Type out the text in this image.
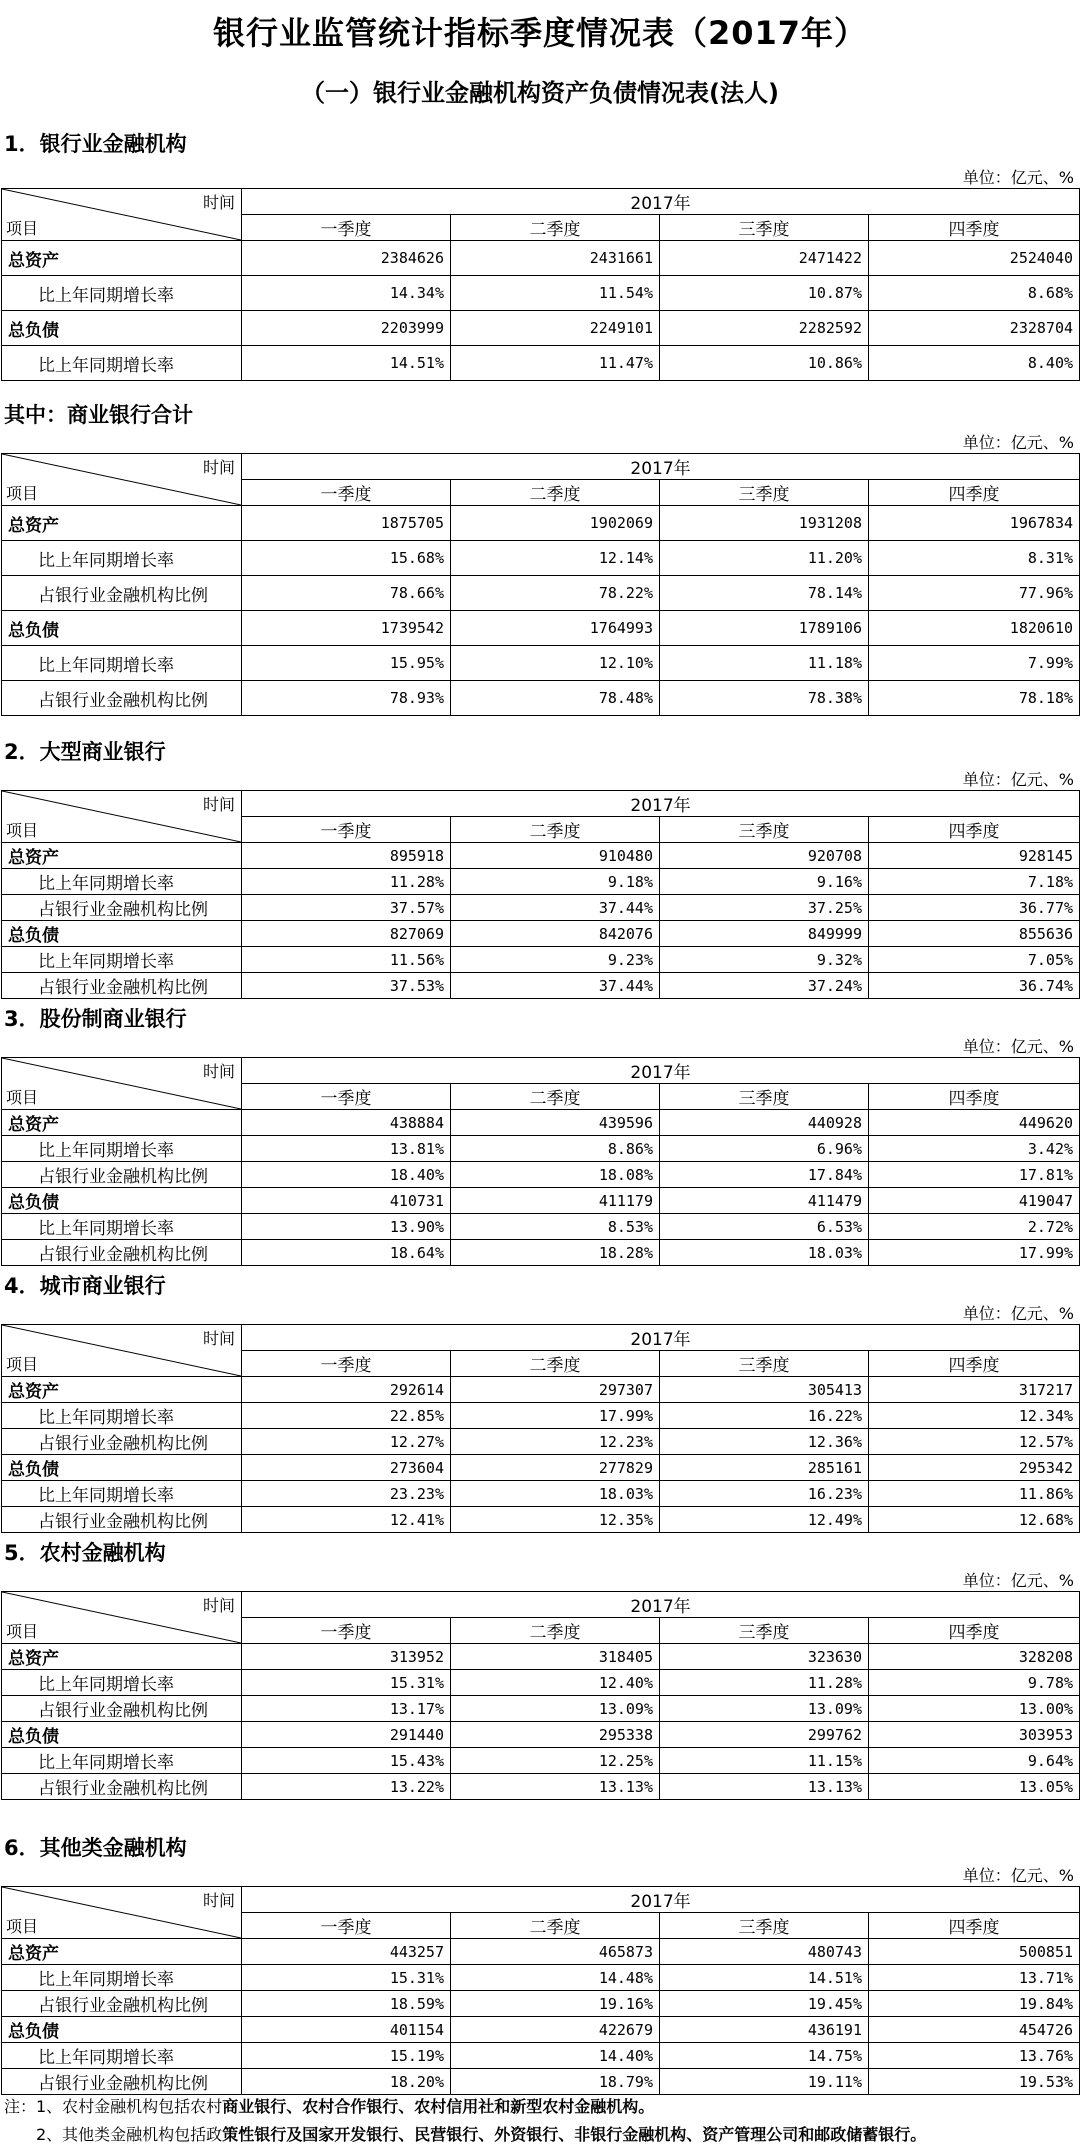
银行业监管统计指标季度情况表（2017年）
（一）银行业金融机构资产负债情况表(法人)
1．银行业金融机构
单位：亿元、%
时间
项目	2017年			
	一季度	二季度	三季度	四季度
总资产	2384626	2431661	2471422	2524040
比上年同期增长率	14.34%	11.54%	10.87%	8.68%
总负债	2203999	2249101	2282592	2328704
比上年同期增长率	14.51%	11.47%	10.86%	8.40%
其中：商业银行合计
单位：亿元、%
时间
项目	2017年			
	一季度	二季度	三季度	四季度
总资产	1875705	1902069	1931208	1967834
比上年同期增长率	15.68%	12.14%	11.20%	8.31%
占银行业金融机构比例	78.66%	78.22%	78.14%	77.96%
总负债	1739542	1764993	1789106	1820610
比上年同期增长率	15.95%	12.10%	11.18%	7.99%
占银行业金融机构比例	78.93%	78.48%	78.38%	78.18%
2．大型商业银行
单位：亿元、%
时间
项目	2017年			
	一季度	二季度	三季度	四季度
总资产	895918	910480	920708	928145
比上年同期增长率	11.28%	9.18%	9.16%	7.18%
占银行业金融机构比例	37.57%	37.44%	37.25%	36.77%
总负债	827069	842076	849999	855636
比上年同期增长率	11.56%	9.23%	9.32%	7.05%
占银行业金融机构比例	37.53%	37.44%	37.24%	36.74%
3．股份制商业银行
单位：亿元、%
时间
项目	2017年			
	一季度	二季度	三季度	四季度
总资产	438884	439596	440928	449620
比上年同期增长率	13.81%	8.86%	6.96%	3.42%
占银行业金融机构比例	18.40%	18.08%	17.84%	17.81%
总负债	410731	411179	411479	419047
比上年同期增长率	13.90%	8.53%	6.53%	2.72%
占银行业金融机构比例	18.64%	18.28%	18.03%	17.99%
4．城市商业银行
单位：亿元、%
时间
项目	2017年			
	一季度	二季度	三季度	四季度
总资产	292614	297307	305413	317217
比上年同期增长率	22.85%	17.99%	16.22%	12.34%
占银行业金融机构比例	12.27%	12.23%	12.36%	12.57%
总负债	273604	277829	285161	295342
比上年同期增长率	23.23%	18.03%	16.23%	11.86%
占银行业金融机构比例	12.41%	12.35%	12.49%	12.68%
5．农村金融机构
单位：亿元、%
时间
项目	2017年			
	一季度	二季度	三季度	四季度
总资产	313952	318405	323630	328208
比上年同期增长率	15.31%	12.40%	11.28%	9.78%
占银行业金融机构比例	13.17%	13.09%	13.09%	13.00%
总负债	291440	295338	299762	303953
比上年同期增长率	15.43%	12.25%	11.15%	9.64%
占银行业金融机构比例	13.22%	13.13%	13.13%	13.05%
6．其他类金融机构
单位：亿元、%
时间
项目	2017年			
	一季度	二季度	三季度	四季度
总资产	443257	465873	480743	500851
比上年同期增长率	15.31%	14.48%	14.51%	13.71%
占银行业金融机构比例	18.59%	19.16%	19.45%	19.84%
总负债	401154	422679	436191	454726
比上年同期增长率	15.19%	14.40%	14.75%	13.76%
占银行业金融机构比例	18.20%	18.79%	19.11%	19.53%
注：1、农村金融机构包括农村商业银行、农村合作银行、农村信用社和新型农村金融机构。
　　2、其他类金融机构包括政策性银行及国家开发银行、民营银行、外资银行、非银行金融机构、资产管理公司和邮政储蓄银行。
